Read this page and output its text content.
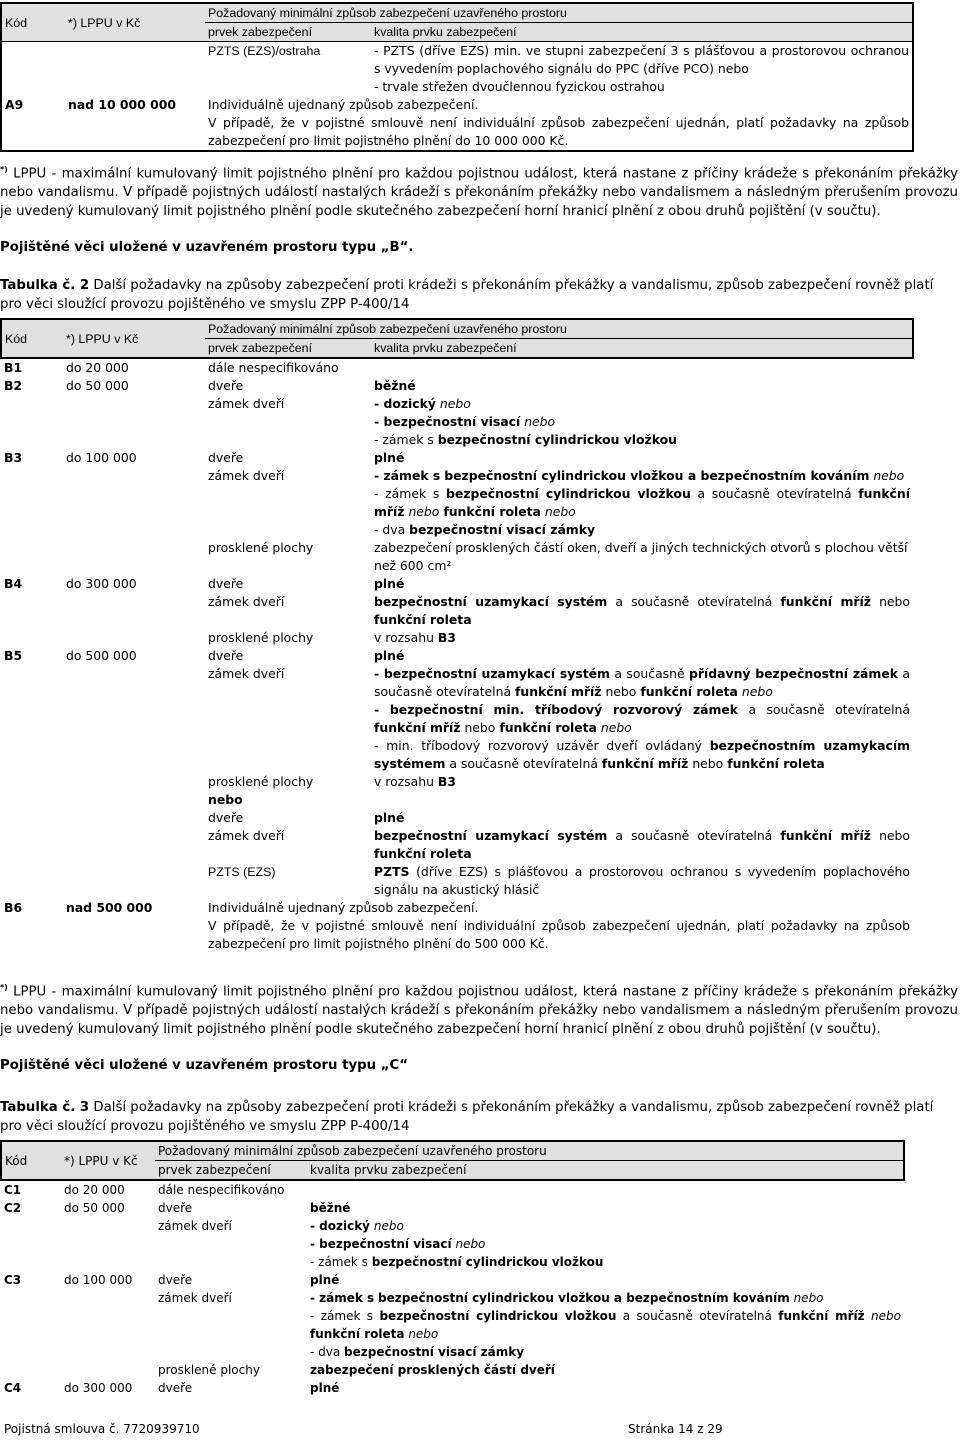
Kód	*) LPPU v Kč	Požadovaný minimální způsob zabezpečení uzavřeného prostoru	
		prvek zabezpečení	kvalita prvku zabezpečení
		PZTS (EZS)/ostraha	- PZTS (dříve EZS) min. ve stupni zabezpečení 3 s plášťovou a prostorovou ochranou s vyvedením poplachového signálu do PPC (dříve PCO) nebo
- trvale střežen dvoučlennou fyzickou ostrahou

A9	nad 10 000 000	Individuálně ujednaný způsob zabezpečení.
V případě, že v pojistné smlouvě není individuální způsob zabezpečení ujednán, platí požadavky na způsob zabezpečení pro limit pojistného plnění do 10 000 000 Kč.	
*) LPPU - maximální kumulovaný limit pojistného plnění pro každou pojistnou událost, která nastane z příčiny krádeže s překonáním překážky nebo vandalismu. V případě pojistných událostí nastalých krádeží s překonáním překážky nebo vandalismem a následným přerušením provozu je uvedený kumulovaný limit pojistného plnění podle skutečného zabezpečení horní hranicí plnění z obou druhů pojištění (v součtu).
Pojištěné věci uložené v uzavřeném prostoru typu „B“.
Tabulka č. 2 Další požadavky na způsoby zabezpečení proti krádeži s překonáním překážky a vandalismu, způsob zabezpečení rovněž platí pro věci sloužící provozu pojištěného ve smyslu ZPP P-400/14
Kód	*) LPPU v Kč	Požadovaný minimální způsob zabezpečení uzavřeného prostoru	
		prvek zabezpečení	kvalita prvku zabezpečení
B1	do 20 000	dále nespecifikováno	
B2	do 50 000	dveře	běžné
		zámek dveří	- dozický nebo
- bezpečnostní visací nebo
- zámek s bezpečnostní cylindrickou vložkou

B3	do 100 000	dveře	plné
		zámek dveří	- zámek s bezpečnostní cylindrickou vložkou a bezpečnostním kováním nebo
- zámek s bezpečnostní cylindrickou vložkou a současně otevíratelná funkční mříž nebo funkční roleta nebo
- dva bezpečnostní visací zámky

		prosklené plochy	zabezpečení prosklených částí oken, dveří a jiných technických otvorů s plochou větší než 600 cm²
B4	do 300 000	dveře	plné
		zámek dveří	bezpečnostní uzamykací systém a současně otevíratelná funkční mříž nebo funkční roleta
		prosklené plochy	v rozsahu B3
B5	do 500 000	dveře	plné
		zámek dveří	- bezpečnostní uzamykací systém a současně přídavný bezpečnostní zámek a současně otevíratelná funkční mříž nebo funkční roleta nebo
- bezpečnostní min. tříbodový rozvorový zámek a současně otevíratelná funkční mříž nebo funkční roleta nebo
- min. tříbodový rozvorový uzávěr dveří ovládaný bezpečnostním uzamykacím systémem a současně otevíratelná funkční mříž nebo funkční roleta

		prosklené plochy	v rozsahu B3
		nebo	
		dveře	plné
		zámek dveří	bezpečnostní uzamykací systém a současně otevíratelná funkční mříž nebo funkční roleta
		PZTS (EZS)	PZTS (dříve EZS) s plášťovou a prostorovou ochranou s vyvedením poplachového signálu na akustický hlásič
B6	nad 500 000	Individuálně ujednaný způsob zabezpečení.
V případě, že v pojistné smlouvě není individuální způsob zabezpečení ujednán, platí požadavky na způsob zabezpečení pro limit pojistného plnění do 500 000 Kč.	
*) LPPU - maximální kumulovaný limit pojistného plnění pro každou pojistnou událost, která nastane z příčiny krádeže s překonáním překážky nebo vandalismu. V případě pojistných událostí nastalých krádeží s překonáním překážky nebo vandalismem a následným přerušením provozu je uvedený kumulovaný limit pojistného plnění podle skutečného zabezpečení horní hranicí plnění z obou druhů pojištění (v součtu).
Pojištěné věci uložené v uzavřeném prostoru typu „C“
Tabulka č. 3 Další požadavky na způsoby zabezpečení proti krádeži s překonáním překážky a vandalismu, způsob zabezpečení rovněž platí pro věci sloužící provozu pojištěného ve smyslu ZPP P-400/14
Kód	*) LPPU v Kč	Požadovaný minimální způsob zabezpečení uzavřeného prostoru	
		prvek zabezpečení	kvalita prvku zabezpečení
C1	do 20 000	dále nespecifikováno	
C2	do 50 000	dveře	běžné
		zámek dveří	- dozický nebo
- bezpečnostní visací nebo
- zámek s bezpečnostní cylindrickou vložkou

C3	do 100 000	dveře	plné
		zámek dveří	- zámek s bezpečnostní cylindrickou vložkou a bezpečnostním kováním nebo
- zámek s bezpečnostní cylindrickou vložkou a současně otevíratelná funkční mříž nebo funkční roleta nebo
- dva bezpečnostní visací zámky

		prosklené plochy	zabezpečení prosklených částí dveří
C4	do 300 000	dveře	plné
Pojistná smlouva č. 7720939710	Stránka 14 z 29
